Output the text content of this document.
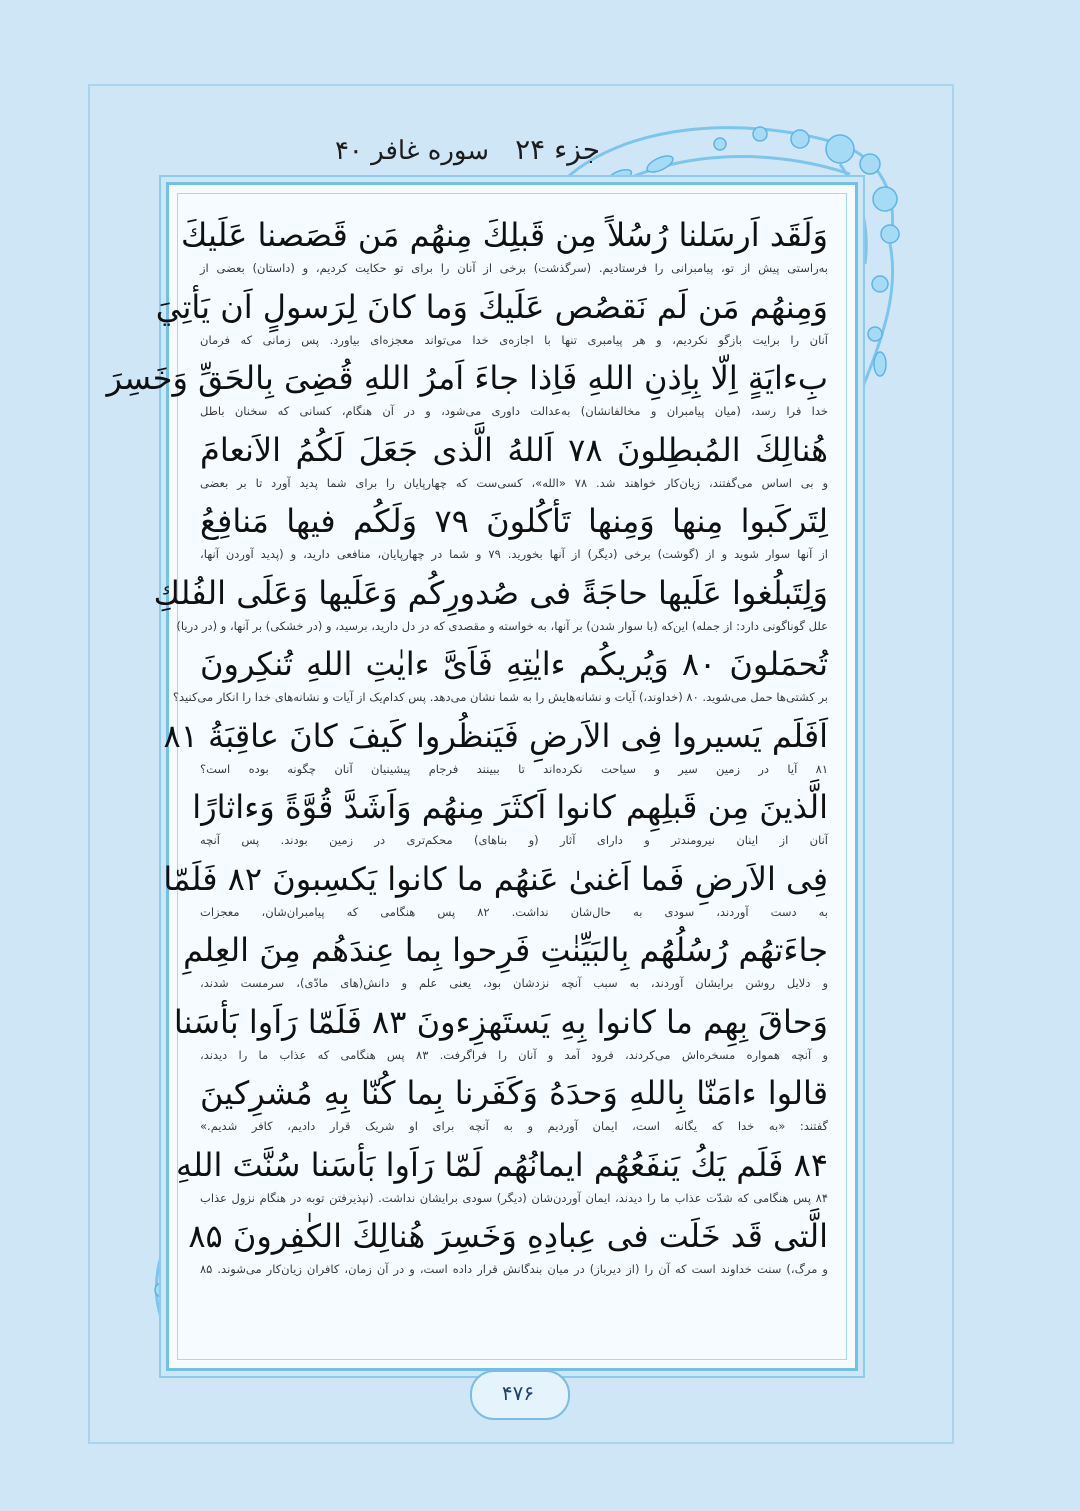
جزء ۲۴
سوره غافر ۴۰
وَلَقَد اَرسَلنا رُسُلاً مِن قَبلِكَ مِنهُم مَن قَصَصنا عَلَيكَ
به‌راستی پیش از تو، پیامبرانی را فرستادیم. (سرگذشت) برخی از آنان را برای تو حکایت کردیم، و (داستان) بعضی از
وَمِنهُم مَن لَم نَقصُص عَلَيكَ وَما كانَ لِرَسولٍ اَن يَأتِيَ
آنان را برایت بازگو نکردیم، و هر پیامبری تنها با اجازه‌ی خدا می‌تواند معجزه‌ای بیاورد. پس زمانی که فرمان
بِءايَةٍ اِلّا بِاِذنِ اللهِ فَاِذا جاءَ اَمرُ اللهِ قُضِىَ بِالحَقِّ وَخَسِرَ
خدا فرا رسد، (میان پیامبران و مخالفانشان) به‌عدالت داوری می‌شود، و در آن هنگام، کسانی که سخنان باطل
هُنالِكَ المُبطِلونَ ۷۸ اَللهُ الَّذى جَعَلَ لَكُمُ الاَنعامَ
و بی اساس می‌گفتند، زیان‌کار خواهند شد. ۷۸ «الله»، کسی‌ست که چهارپایان را برای شما پدید آورد تا بر بعضی
لِتَركَبوا مِنها وَمِنها تَأكُلونَ ۷۹ وَلَكُم فيها مَنافِعُ
از آنها سوار شوید و از (گوشت) برخی (دیگر) از آنها بخورید. ۷۹ و شما در چهارپایان، منافعی دارید، و (پدید آوردن آنها،
وَلِتَبلُغوا عَلَيها حاجَةً فى صُدورِكُم وَعَلَيها وَعَلَى الفُلكِ
علل گوناگونی دارد: از جمله) این‌که (با سوار شدن) بر آنها، به خواسته و مقصدی که در دل دارید، برسید، و (در خشکی) بر آنها، و (در دریا)
تُحمَلونَ ۸۰ وَيُريكُم ءايٰتِهِ فَاَىَّ ءايٰتِ اللهِ تُنكِرونَ
بر کشتی‌ها حمل می‌شوید. ۸۰ (خداوند،) آیات و نشانه‌هایش را به شما نشان می‌دهد. پس کدام‌یک از آیات و نشانه‌های خدا را انکار می‌کنید؟
اَفَلَم يَسيروا فِى الاَرضِ فَيَنظُروا كَيفَ كانَ عاقِبَةُ ۸۱
۸۱ آیا در زمین سیر و سیاحت نکرده‌اند تا ببینند فرجام پیشینیان آنان چگونه بوده است؟
الَّذينَ مِن قَبلِهِم كانوا اَكثَرَ مِنهُم وَاَشَدَّ قُوَّةً وَءاثارًا
آنان از اینان نیرومندتر و دارای آثار (و بناهای) محکم‌تری در زمین بودند. پس آنچه
فِى الاَرضِ فَما اَغنىٰ عَنهُم ما كانوا يَكسِبونَ ۸۲ فَلَمّا
به دست آوردند، سودی به حال‌شان نداشت. ۸۲ پس هنگامی که پیامبران‌شان، معجزات
جاءَتهُم رُسُلُهُم بِالبَيِّنٰتِ فَرِحوا بِما عِندَهُم مِنَ العِلمِ
و دلایل روشن برایشان آوردند، به سبب آنچه نزدشان بود، یعنی علم و دانش(های مادّی)، سرمست شدند،
وَحاقَ بِهِم ما كانوا بِهِ يَستَهزِءونَ ۸۳ فَلَمّا رَاَوا بَأسَنا
و آنچه همواره مسخره‌اش می‌کردند، فرود آمد و آنان را فراگرفت. ۸۳ پس هنگامی که عذاب ما را دیدند،
قالوا ءامَنّا بِاللهِ وَحدَهُ وَكَفَرنا بِما كُنّا بِهِ مُشرِكينَ
گفتند: «به خدا که یگانه است، ایمان آوردیم و به آنچه برای او شریک قرار دادیم، کافر شدیم.»
۸۴ فَلَم يَكُ يَنفَعُهُم ايمانُهُم لَمّا رَاَوا بَأسَنا سُنَّتَ اللهِ
۸۴ پس هنگامی که شدّت عذاب ما را دیدند، ایمان آوردن‌شان (دیگر) سودی برایشان نداشت. (نپذیرفتن توبه در هنگام نزول عذاب
الَّتى قَد خَلَت فى عِبادِهِ وَخَسِرَ هُنالِكَ الكٰفِرونَ ۸۵
و مرگ،) سنت خداوند است که آن را (از دیرباز) در میان بندگانش قرار داده است، و در آن زمان، کافران زیان‌کار می‌شوند. ۸۵
۴۷۶
